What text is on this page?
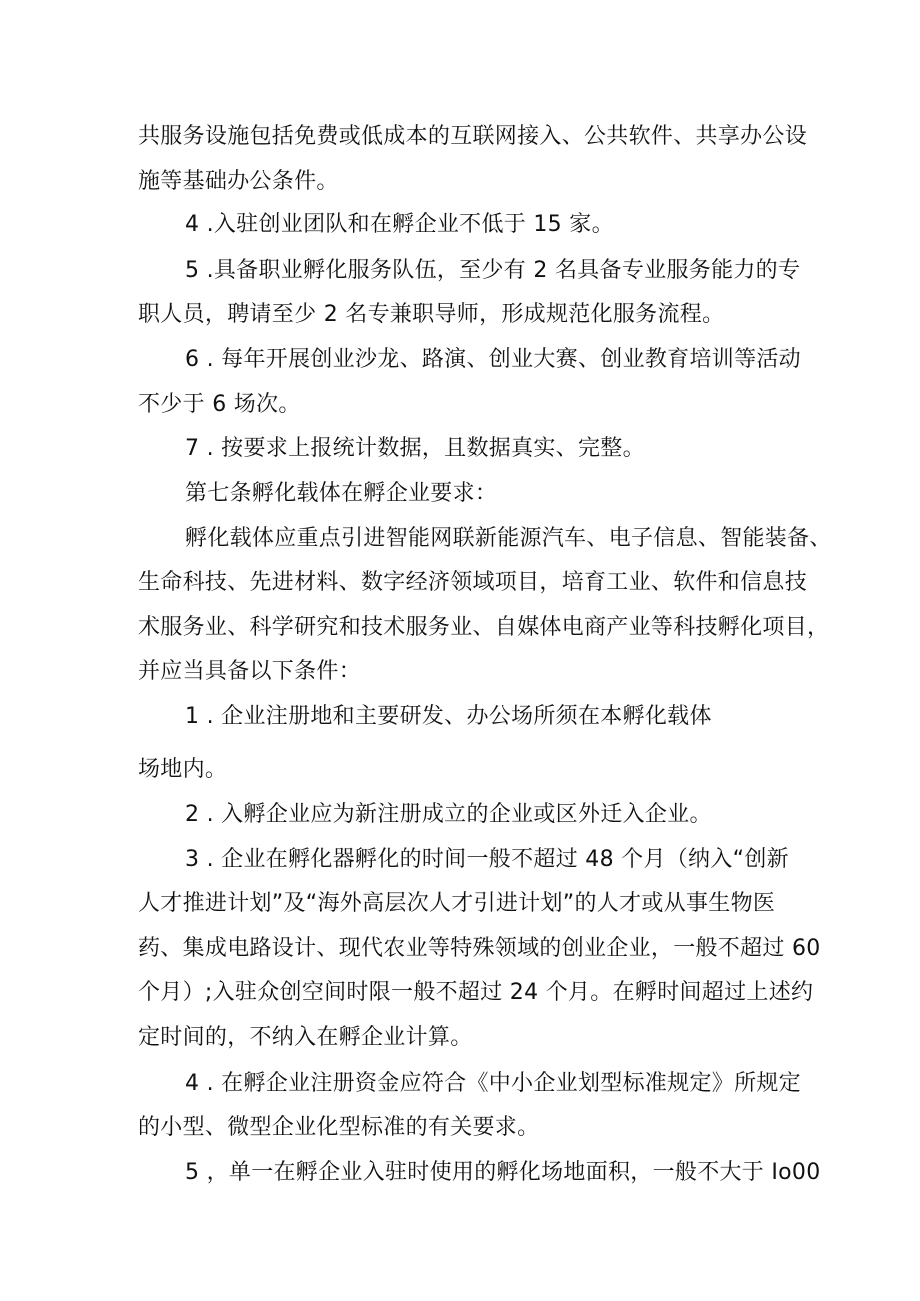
共服务设施包括免费或低成本的互联网接入、公共软件、共享办公设
施等基础办公条件。
4 .入驻创业团队和在孵企业不低于 15 家。
5 .具备职业孵化服务队伍，至少有 2 名具备专业服务能力的专
职人员，聘请至少 2 名专兼职导师，形成规范化服务流程。
6 . 每年开展创业沙龙、路演、创业大赛、创业教育培训等活动
不少于 6 场次。
7 . 按要求上报统计数据，且数据真实、完整。
第七条孵化载体在孵企业要求：
孵化载体应重点引进智能网联新能源汽车、电子信息、智能装备、
生命科技、先进材料、数字经济领域项目，培育工业、软件和信息技
术服务业、科学研究和技术服务业、自媒体电商产业等科技孵化项目，
并应当具备以下条件：
1 . 企业注册地和主要研发、办公场所须在本孵化载体
场地内。
2 . 入孵企业应为新注册成立的企业或区外迁入企业。
3 . 企业在孵化器孵化的时间一般不超过 48 个月（纳入“创新
人才推进计划”及“海外高层次人才引进计划”的人才或从事生物医
药、集成电路设计、现代农业等特殊领域的创业企业，一般不超过 60
个月）;入驻众创空间时限一般不超过 24 个月。在孵时间超过上述约
定时间的，不纳入在孵企业计算。
4 . 在孵企业注册资金应符合《中小企业划型标准规定》所规定
的小型、微型企业化型标准的有关要求。
5 ，单一在孵企业入驻时使用的孵化场地面积，一般不大于 Io00
